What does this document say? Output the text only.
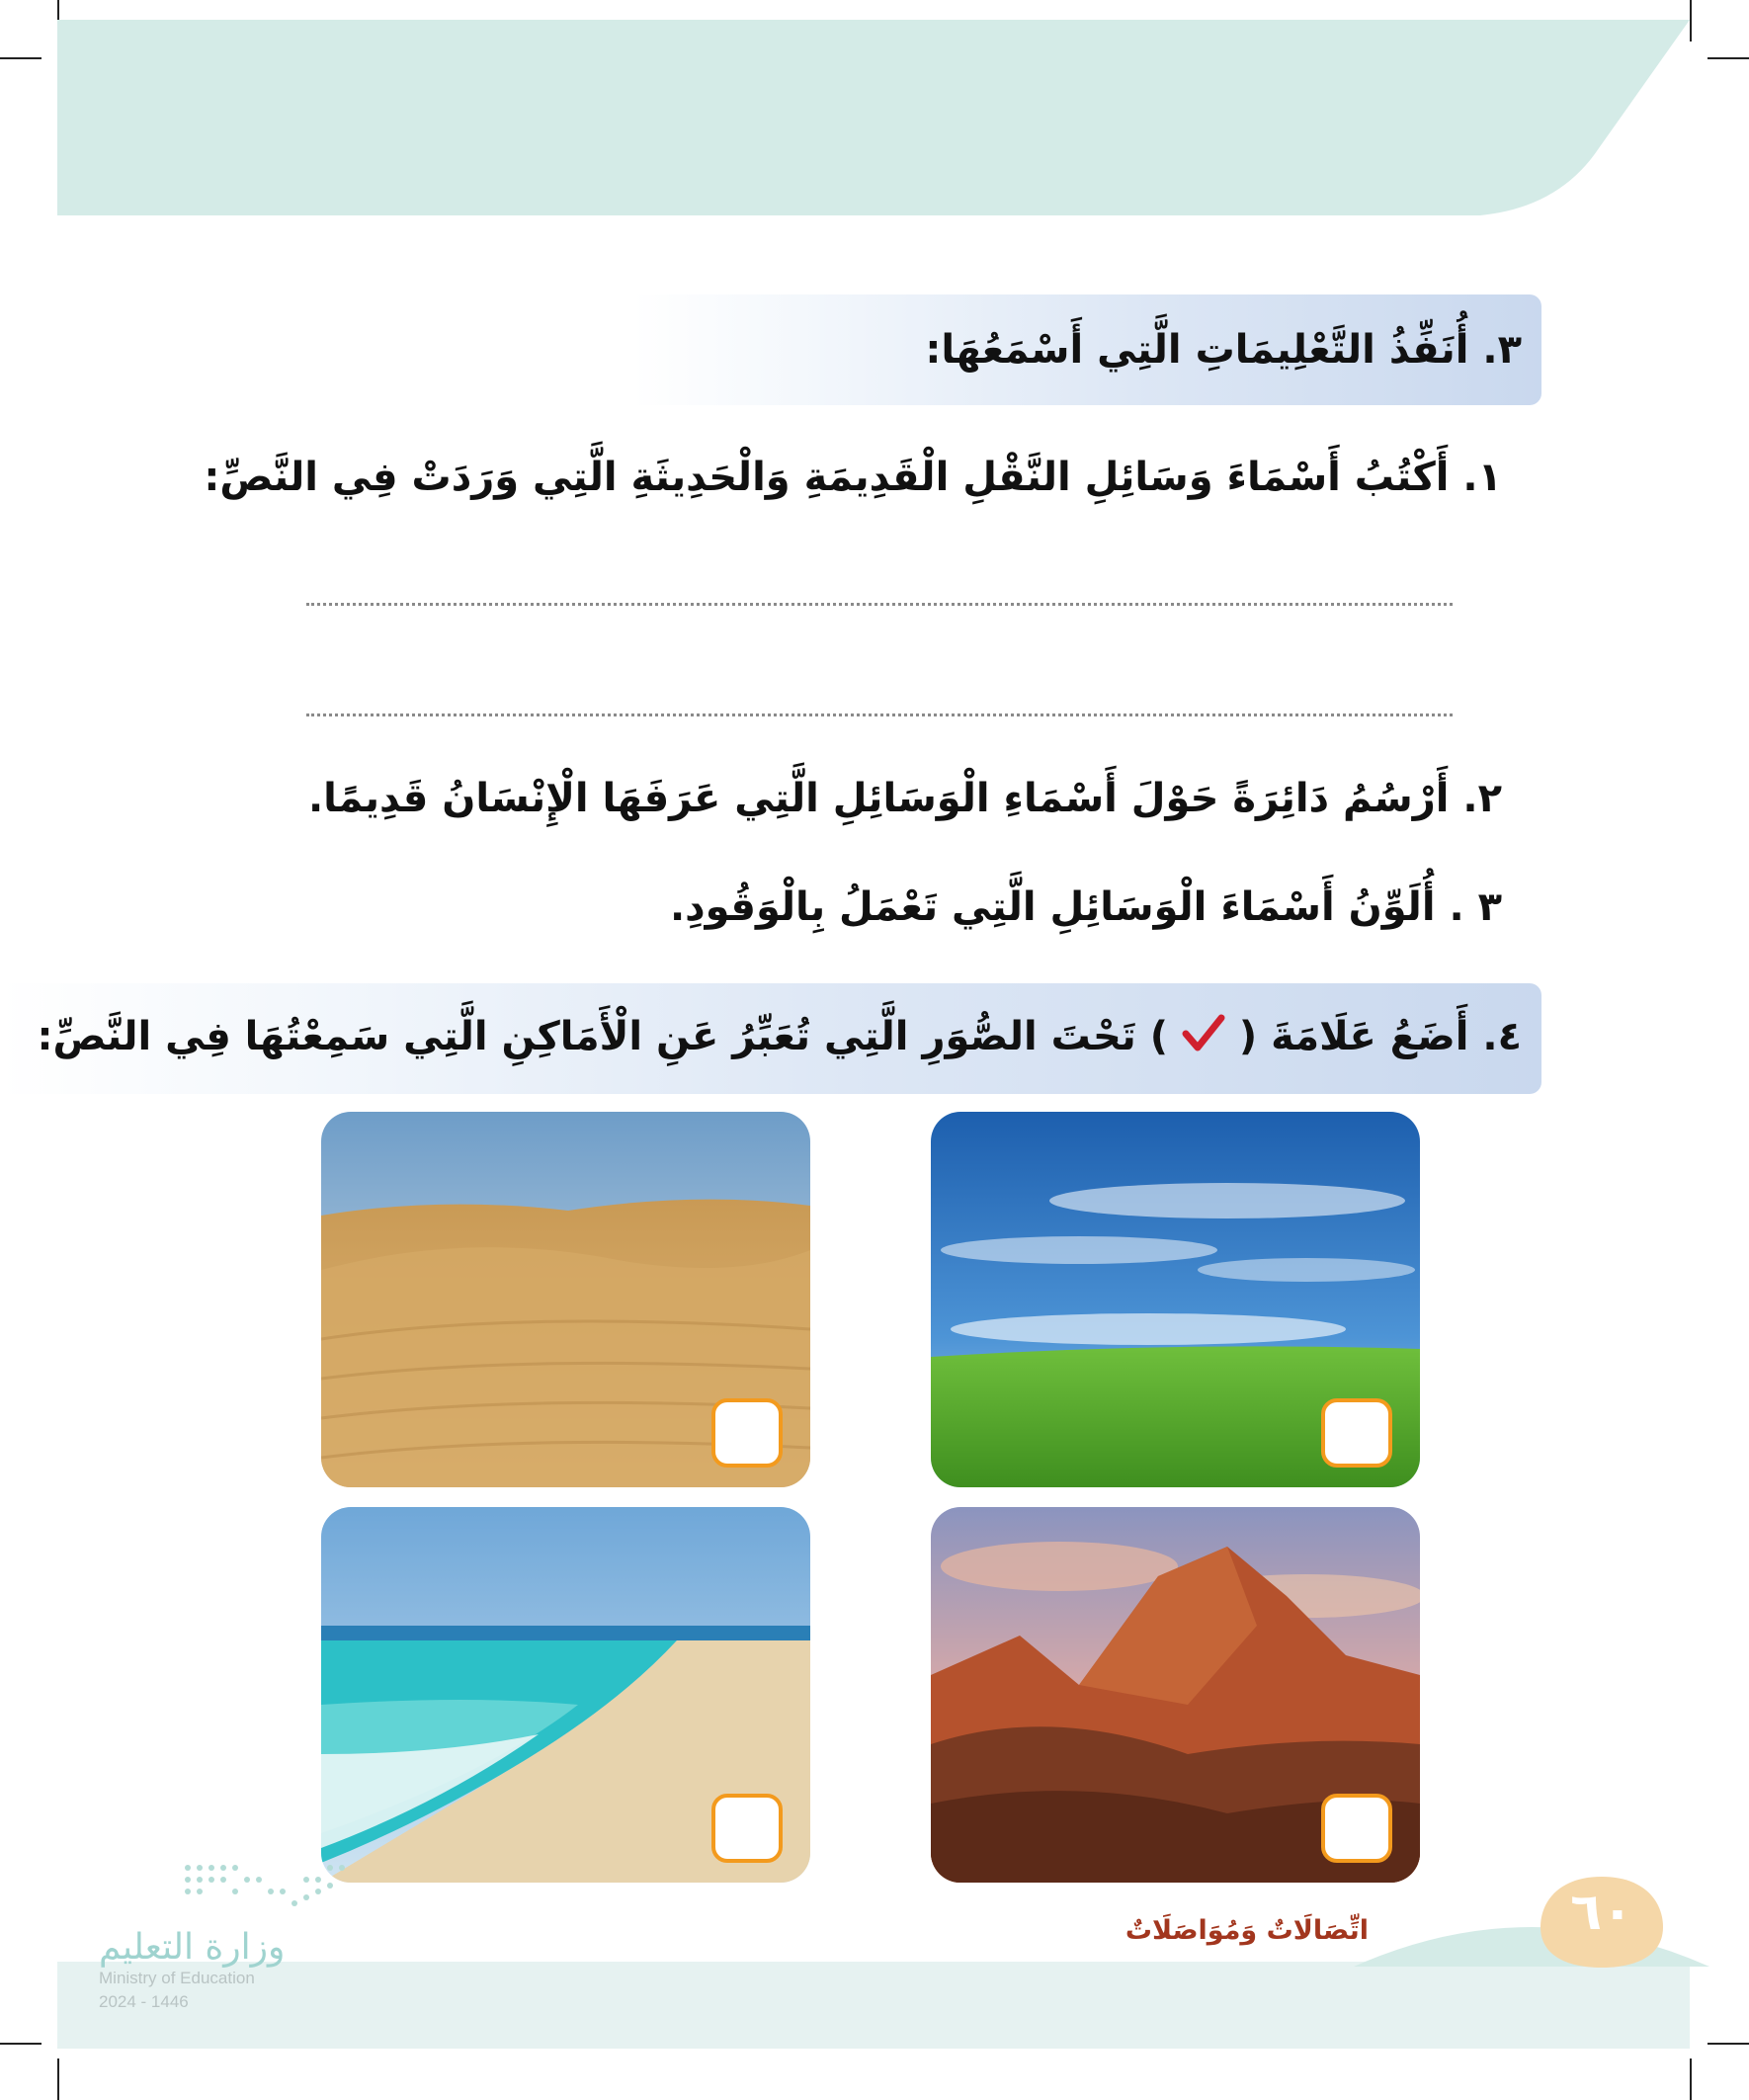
٣. أُنَفِّذُ التَّعْلِيمَاتِ الَّتِي أَسْمَعُهَا:
١. أَكْتُبُ أَسْمَاءَ وَسَائِلِ النَّقْلِ الْقَدِيمَةِ وَالْحَدِيثَةِ الَّتِي وَرَدَتْ فِي النَّصِّ:
٢. أَرْسُمُ دَائِرَةً حَوْلَ أَسْمَاءِ الْوَسَائِلِ الَّتِي عَرَفَهَا الْإِنْسَانُ قَدِيمًا.
٣ . أُلَوِّنُ أَسْمَاءَ الْوَسَائِلِ الَّتِي تَعْمَلُ بِالْوَقُودِ.
٤. أَضَعُ عَلَامَةَ (  ) تَحْتَ الصُّوَرِ الَّتِي تُعَبِّرُ عَنِ الْأَمَاكِنِ الَّتِي سَمِعْتُهَا فِي النَّصِّ:
اتِّصَالَاتٌ وَمُوَاصَلَاتٌ	٦٠
وزارة التعليم
Ministry of Education
2024 - 1446
